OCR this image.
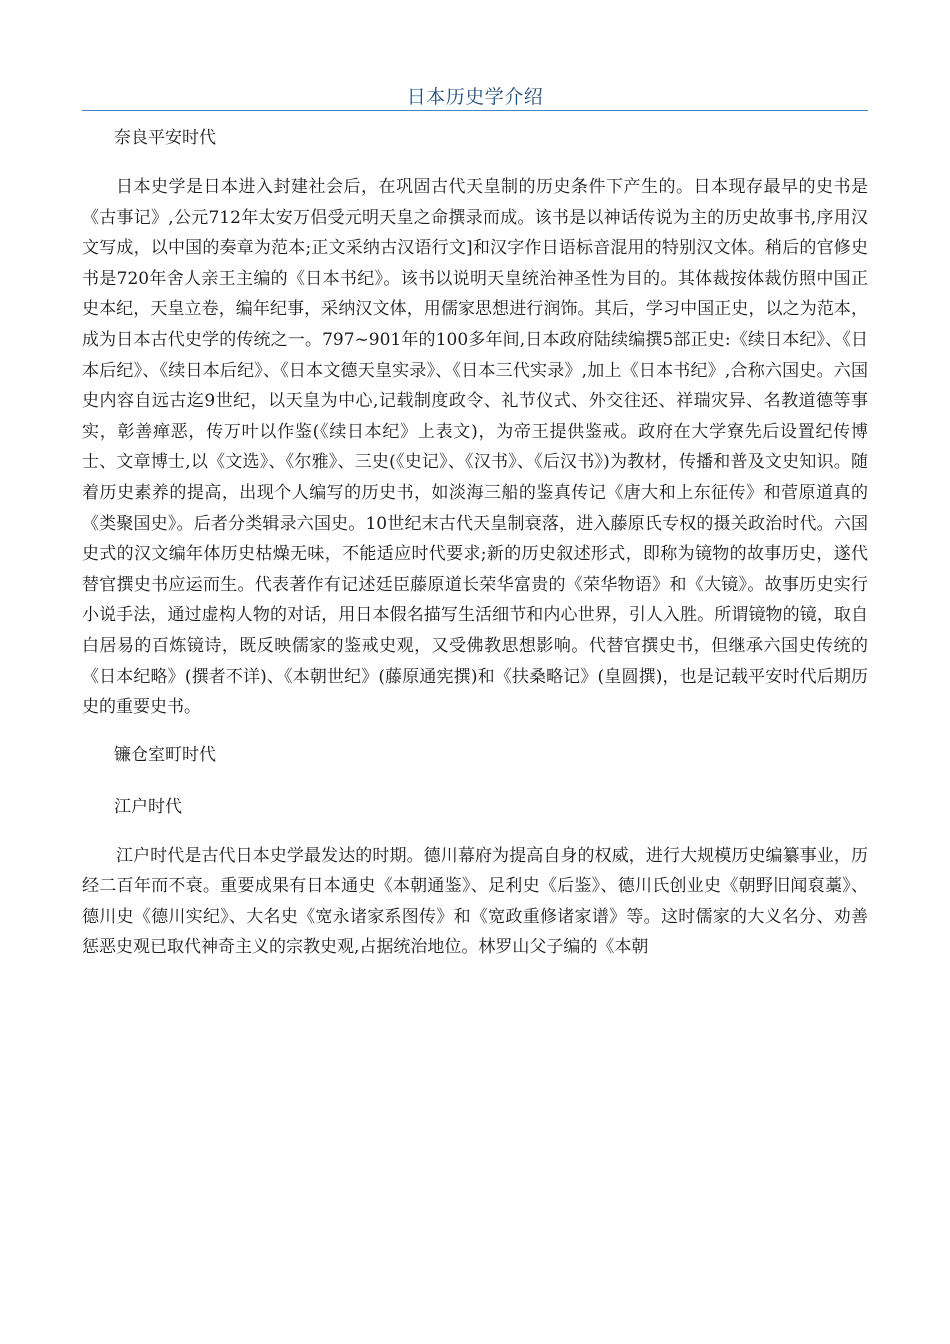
日本历史学介绍
奈良平安时代

日本史学是日本进入封建社会后，在巩固古代天皇制的历史条件下产生的。日本现存最早的史书是《古事记》,公元712年太安万侣受元明天皇之命撰录而成。该书是以神话传说为主的历史故事书,序用汉文写成，以中国的奏章为范本;正文采纳古汉语行文]和汉字作日语标音混用的特别汉文体。稍后的官修史书是720年舍人亲王主编的《日本书纪》。该书以说明天皇统治神圣性为目的。其体裁按体裁仿照中国正史本纪，天皇立卷，编年纪事，采纳汉文体，用儒家思想进行润饰。其后，学习中国正史，以之为范本，成为日本古代史学的传统之一。797~901年的100多年间,日本政府陆续编撰5部正史:《续日本纪》、《日本后纪》、《续日本后纪》、《日本文德天皇实录》、《日本三代实录》,加上《日本书纪》,合称六国史。六国史内容自远古迄9世纪，以天皇为中心,记载制度政令、礼节仪式、外交往还、祥瑞灾异、名教道德等事实，彰善瘅恶，传万叶以作鉴(《续日本纪》上表文)，为帝王提供鉴戒。政府在大学寮先后设置纪传博士、文章博士,以《文选》、《尔雅》、三史(《史记》、《汉书》、《后汉书》)为教材，传播和普及文史知识。随着历史素养的提高，出现个人编写的历史书，如淡海三船的鉴真传记《唐大和上东征传》和菅原道真的《类聚国史》。后者分类辑录六国史。10世纪末古代天皇制衰落，进入藤原氏专权的摄关政治时代。六国史式的汉文编年体历史枯燥无味，不能适应时代要求;新的历史叙述形式，即称为镜物的故事历史，遂代替官撰史书应运而生。代表著作有记述廷臣藤原道长荣华富贵的《荣华物语》和《大镜》。故事历史实行小说手法，通过虚构人物的对话，用日本假名描写生活细节和内心世界，引人入胜。所谓镜物的镜，取自白居易的百炼镜诗，既反映儒家的鉴戒史观，又受佛教思想影响。代替官撰史书，但继承六国史传统的《日本纪略》(撰者不详)、《本朝世纪》(藤原通宪撰)和《扶桑略记》(皇圆撰)，也是记载平安时代后期历史的重要史书。

镰仓室町时代
江户时代

江户时代是古代日本史学最发达的时期。德川幕府为提高自身的权威，进行大规模历史编纂事业，历经二百年而不衰。重要成果有日本通史《本朝通鉴》、足利史《后鉴》、德川氏创业史《朝野旧闻裒藁》、德川史《德川实纪》、大名史《宽永诸家系图传》和《宽政重修诸家谱》等。这时儒家的大义名分、劝善惩恶史观已取代神奇主义的宗教史观,占据统治地位。林罗山父子编的《本朝
